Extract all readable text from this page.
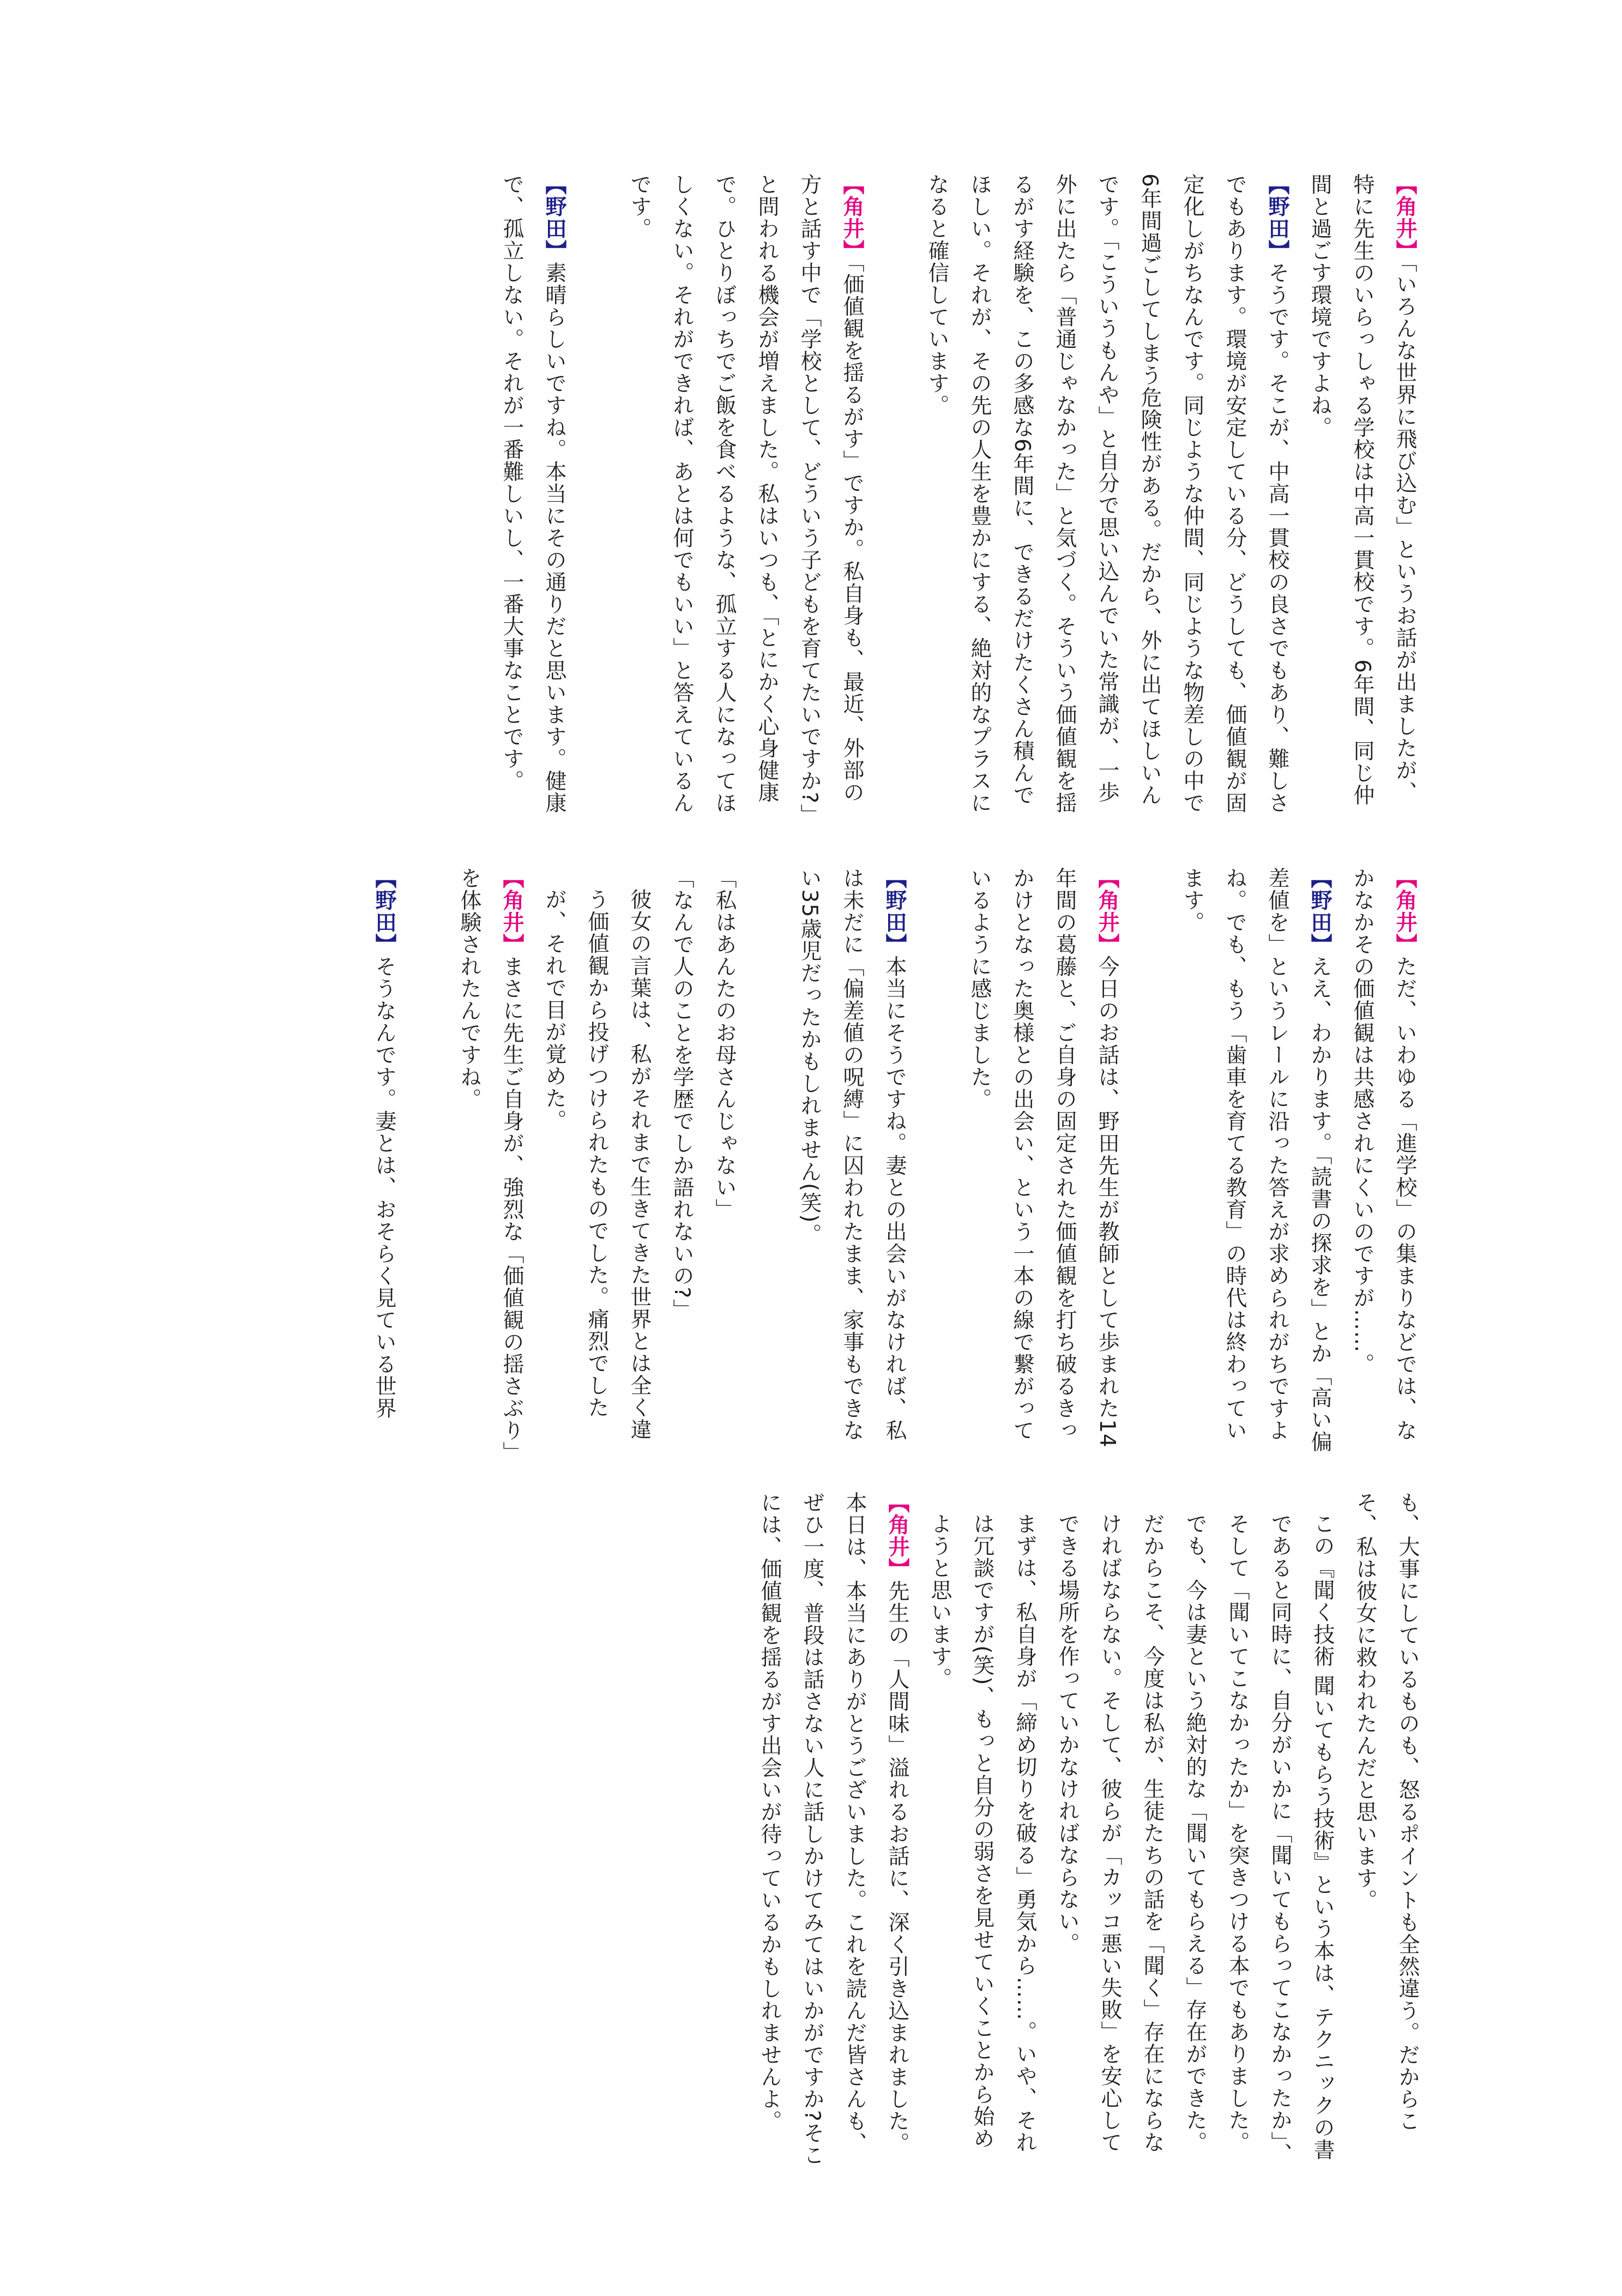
【角井】「いろんな世界に飛び込む」というお話が出ましたが、特に先生のいらっしゃる学校は中高一貫校です。6年間、同じ仲間と過ごす環境ですよね。

【野田】そうです。そこが、中高一貫校の良さでもあり、難しさでもあります。環境が安定している分、どうしても、価値観が固定化しがちなんです。同じような仲間、同じような物差しの中で6年間過ごしてしまう危険性がある。だから、外に出てほしいんです。「こういうもんや」と自分で思い込んでいた常識が、一歩外に出たら「普通じゃなかった」と気づく。そういう価値観を揺るがす経験を、この多感な6年間に、できるだけたくさん積んでほしい。それが、その先の人生を豊かにする、絶対的なプラスになると確信しています。

【角井】「価値観を揺るがす」ですか。私自身も、最近、外部の方と話す中で「学校として、どういう子どもを育てたいですか?」と問われる機会が増えました。私はいつも、「とにかく心身健康で。ひとりぼっちでご飯を食べるような、孤立する人になってほしくない。それができれば、あとは何でもいい」と答えているんです。

【野田】素晴らしいですね。本当にその通りだと思います。健康で、孤立しない。それが一番難しいし、一番大事なことです。

【角井】ただ、いわゆる「進学校」の集まりなどでは、なかなかその価値観は共感されにくいのですが……。

【野田】ええ、わかります。「読書の探求を」とか「高い偏差値を」というレールに沿った答えが求められがちですよね。でも、もう「歯車を育てる教育」の時代は終わっています。

【角井】今日のお話は、野田先生が教師として歩まれた14年間の葛藤と、ご自身の固定された価値観を打ち破るきっかけとなった奥様との出会い、という一本の線で繋がっているように感じました。

【野田】本当にそうですね。妻との出会いがなければ、私は未だに「偏差値の呪縛」に囚われたまま、家事もできない35歳児だったかもしれません(笑)。

「私はあんたのお母さんじゃない」

「なんで人のことを学歴でしか語れないの?」

彼女の言葉は、私がそれまで生きてきた世界とは全く違う価値観から投げつけられたものでした。痛烈でしたが、それで目が覚めた。

【角井】まさに先生ご自身が、強烈な「価値観の揺さぶり」を体験されたんですね。

【野田】そうなんです。妻とは、おそらく見ている世界

も、大事にしているものも、怒るポイントも全然違う。だからこそ、私は彼女に救われたんだと思います。

この『聞く技術 聞いてもらう技術』という本は、テクニックの書であると同時に、自分がいかに「聞いてもらってこなかったか」、そして「聞いてこなかったか」を突きつける本でもありました。

でも、今は妻という絶対的な「聞いてもらえる」存在ができた。だからこそ、今度は私が、生徒たちの話を「聞く」存在にならなければならない。そして、彼らが「カッコ悪い失敗」を安心してできる場所を作っていかなければならない。

まずは、私自身が「締め切りを破る」勇気から……。いや、それは冗談ですが(笑)、もっと自分の弱さを見せていくことから始めようと思います。

【角井】先生の「人間味」溢れるお話に、深く引き込まれました。本日は、本当にありがとうございました。これを読んだ皆さんも、ぜひ一度、普段は話さない人に話しかけてみてはいかがですか?そこには、価値観を揺るがす出会いが待っているかもしれませんよ。
